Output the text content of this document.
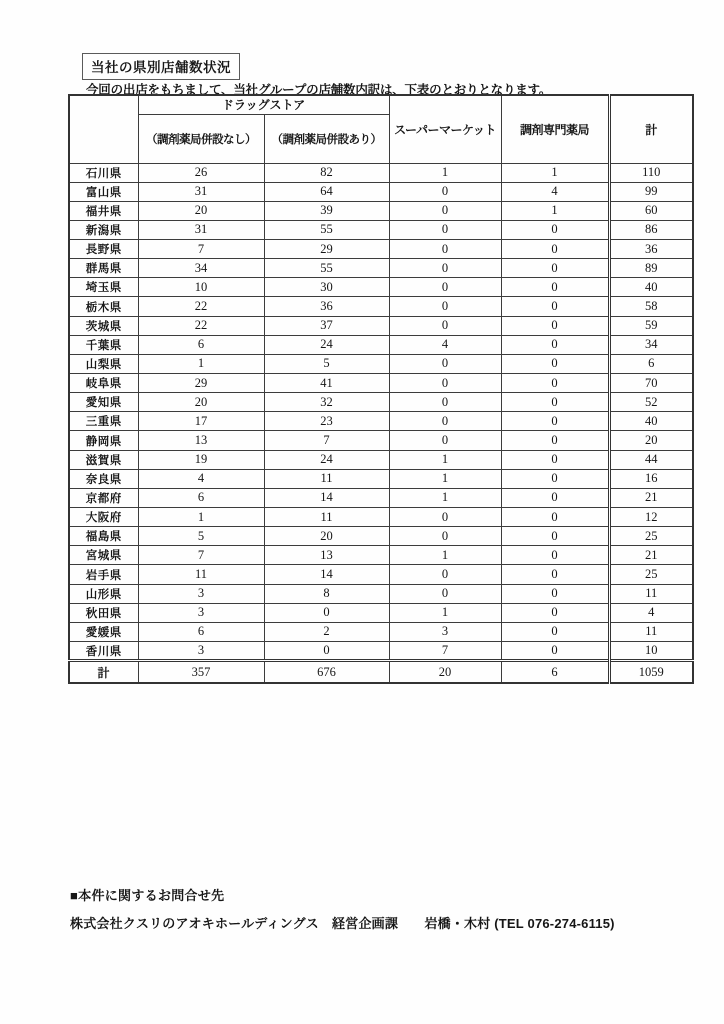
当社の県別店舗数状況
今回の出店をもちまして、当社グループの店舗数内訳は、下表のとおりとなります。
	ドラッグストア		スーパーマーケット	調剤専門薬局	計
	（調剤薬局併設なし）	（調剤薬局併設あり）			
石川県	26	82	1	1	110
富山県	31	64	0	4	99
福井県	20	39	0	1	60
新潟県	31	55	0	0	86
長野県	7	29	0	0	36
群馬県	34	55	0	0	89
埼玉県	10	30	0	0	40
栃木県	22	36	0	0	58
茨城県	22	37	0	0	59
千葉県	6	24	4	0	34
山梨県	1	5	0	0	6
岐阜県	29	41	0	0	70
愛知県	20	32	0	0	52
三重県	17	23	0	0	40
静岡県	13	7	0	0	20
滋賀県	19	24	1	0	44
奈良県	4	11	1	0	16
京都府	6	14	1	0	21
大阪府	1	11	0	0	12
福島県	5	20	0	0	25
宮城県	7	13	1	0	21
岩手県	11	14	0	0	25
山形県	3	8	0	0	11
秋田県	3	0	1	0	4
愛媛県	6	2	3	0	11
香川県	3	0	7	0	10
計	357	676	20	6	1059
■本件に関するお問合せ先
株式会社クスリのアオキホールディングス　経営企画課　　岩橋・木村 (TEL 076-274-6115)
